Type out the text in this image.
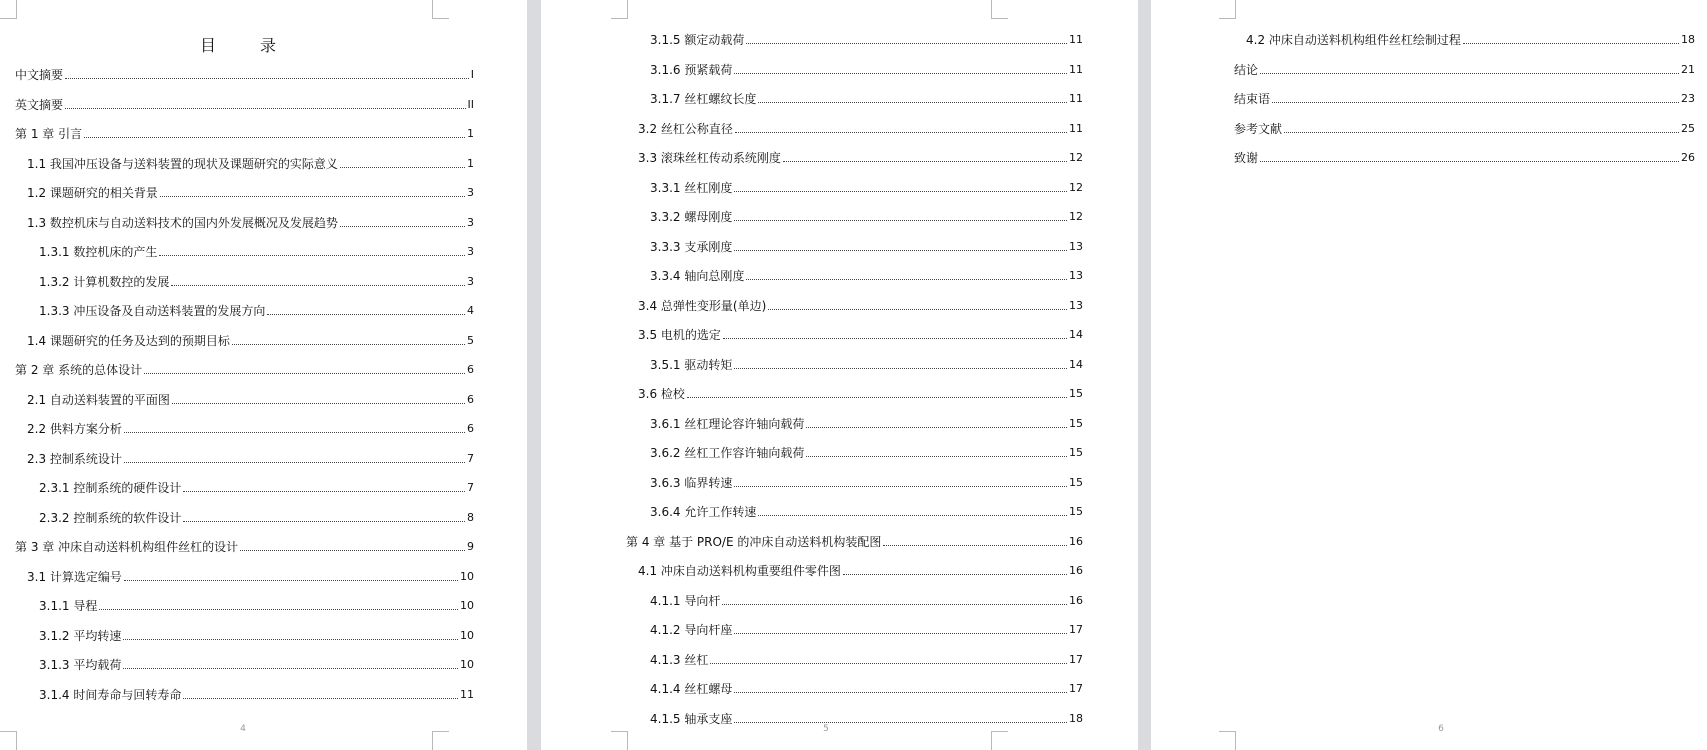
目　录
4
中文摘要	I
英文摘要	II
第 1 章 引言	1
1.1 我国冲压设备与送料装置的现状及课题研究的实际意义	1
1.2 课题研究的相关背景	3
1.3 数控机床与自动送料技术的国内外发展概况及发展趋势	3
1.3.1 数控机床的产生	3
1.3.2 计算机数控的发展	3
1.3.3 冲压设备及自动送料装置的发展方向	4
1.4 课题研究的任务及达到的预期目标	5
第 2 章 系统的总体设计	6
2.1 自动送料装置的平面图	6
2.2 供料方案分析	6
2.3 控制系统设计	7
2.3.1 控制系统的硬件设计	7
2.3.2 控制系统的软件设计	8
第 3 章 冲床自动送料机构组件丝杠的设计	9
3.1 计算选定编号	10
3.1.1 导程	10
3.1.2 平均转速	10
3.1.3 平均载荷	10
3.1.4 时间寿命与回转寿命	11
5
3.1.5 额定动载荷	11
3.1.6 预紧载荷	11
3.1.7 丝杠螺纹长度	11
3.2 丝杠公称直径	11
3.3 滚珠丝杠传动系统刚度	12
3.3.1 丝杠刚度	12
3.3.2 螺母刚度	12
3.3.3 支承刚度	13
3.3.4 轴向总刚度	13
3.4 总弹性变形量(单边)	13
3.5 电机的选定	14
3.5.1 驱动转矩	14
3.6 检校	15
3.6.1 丝杠理论容许轴向载荷	15
3.6.2 丝杠工作容许轴向载荷	15
3.6.3 临界转速	15
3.6.4 允许工作转速	15
第 4 章 基于 PRO/E 的冲床自动送料机构装配图	16
4.1 冲床自动送料机构重要组件零件图	16
4.1.1 导向杆	16
4.1.2 导向杆座	17
4.1.3 丝杠	17
4.1.4 丝杠螺母	17
4.1.5 轴承支座	18
6
4.2 冲床自动送料机构组件丝杠绘制过程	18
结论	21
结束语	23
参考文献	25
致谢	26
